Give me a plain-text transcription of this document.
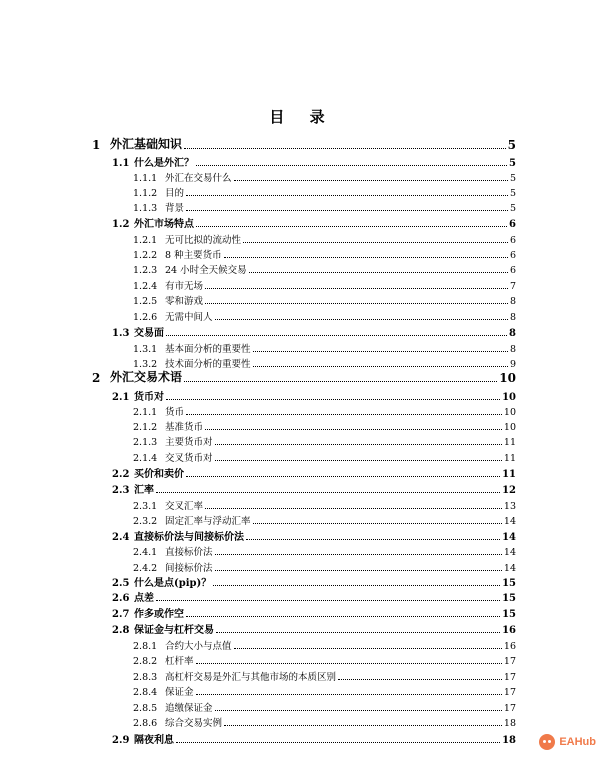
目 录
1 外汇基础知识	5
1.1 什么是外汇？	5
1.1.1 外汇在交易什么	5
1.1.2 目的	5
1.1.3 背景	5
1.2 外汇市场特点	6
1.2.1 无可比拟的流动性	6
1.2.2 8 种主要货币	6
1.2.3 24 小时全天候交易	6
1.2.4 有市无场	7
1.2.5 零和游戏	8
1.2.6 无需中间人	8
1.3 交易面	8
1.3.1 基本面分析的重要性	8
1.3.2 技术面分析的重要性	9
2 外汇交易术语	10
2.1 货币对	10
2.1.1 货币	10
2.1.2 基准货币	10
2.1.3 主要货币对	11
2.1.4 交叉货币对	11
2.2 买价和卖价	11
2.3 汇率	12
2.3.1 交叉汇率	13
2.3.2 固定汇率与浮动汇率	14
2.4 直接标价法与间接标价法	14
2.4.1 直接标价法	14
2.4.2 间接标价法	14
2.5 什么是点(pip)？	15
2.6 点差	15
2.7 作多或作空	15
2.8 保证金与杠杆交易	16
2.8.1 合约大小与点值	16
2.8.2 杠杆率	17
2.8.3 高杠杆交易是外汇与其他市场的本质区别	17
2.8.4 保证金	17
2.8.5 追缴保证金	17
2.8.6 综合交易实例	18
2.9 隔夜利息	18	EAHub
